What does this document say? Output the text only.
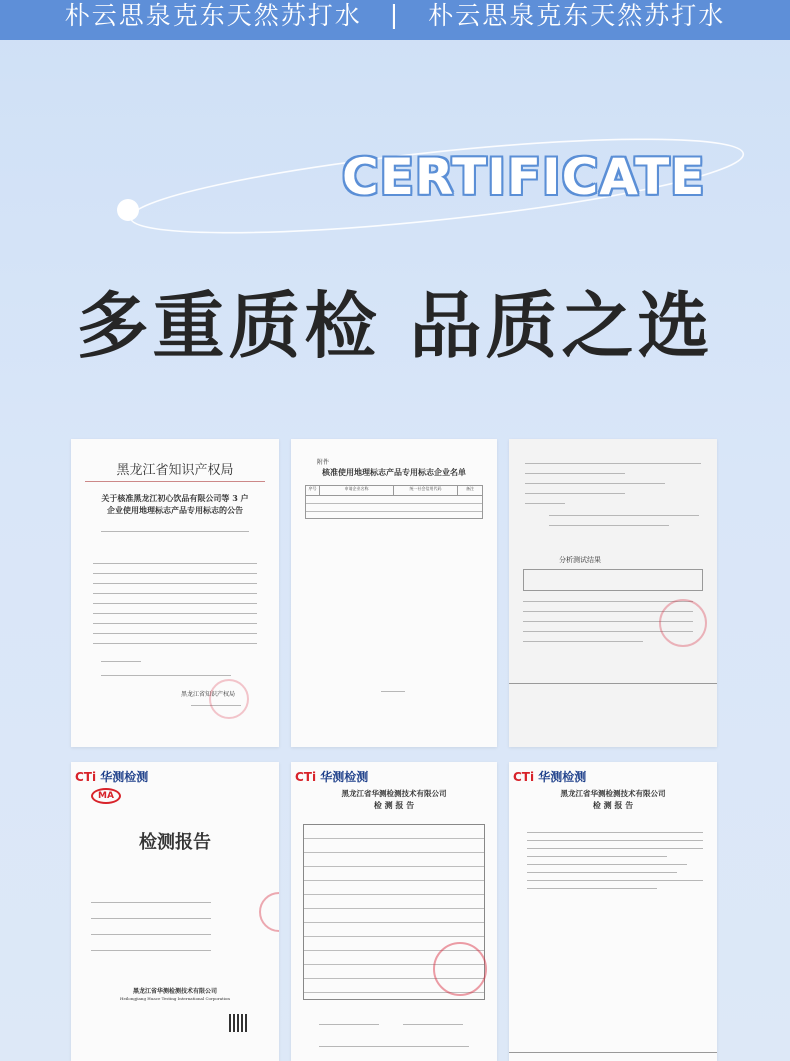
朴云思泉克东天然苏打水 | 朴云思泉克东天然苏打水
CERTIFICATE
多重质检 品质之选
黑龙江省知识产权局
关于核准黑龙江初心饮品有限公司等 3 户
企业使用地理标志产品专用标志的公告
黑龙江省知识产权局
附件
核准使用地理标志产品专用标志企业名单
序号	申请企业名称	统一社会信用代码	备注
分析测试结果
CTi 华测检测
MA
检测报告
黑龙江省华测检测技术有限公司
Heilongjiang Huace Testing International Corporation
CTi 华测检测
黑龙江省华测检测技术有限公司
检 测 报 告
CTi 华测检测
黑龙江省华测检测技术有限公司
检 测 报 告
